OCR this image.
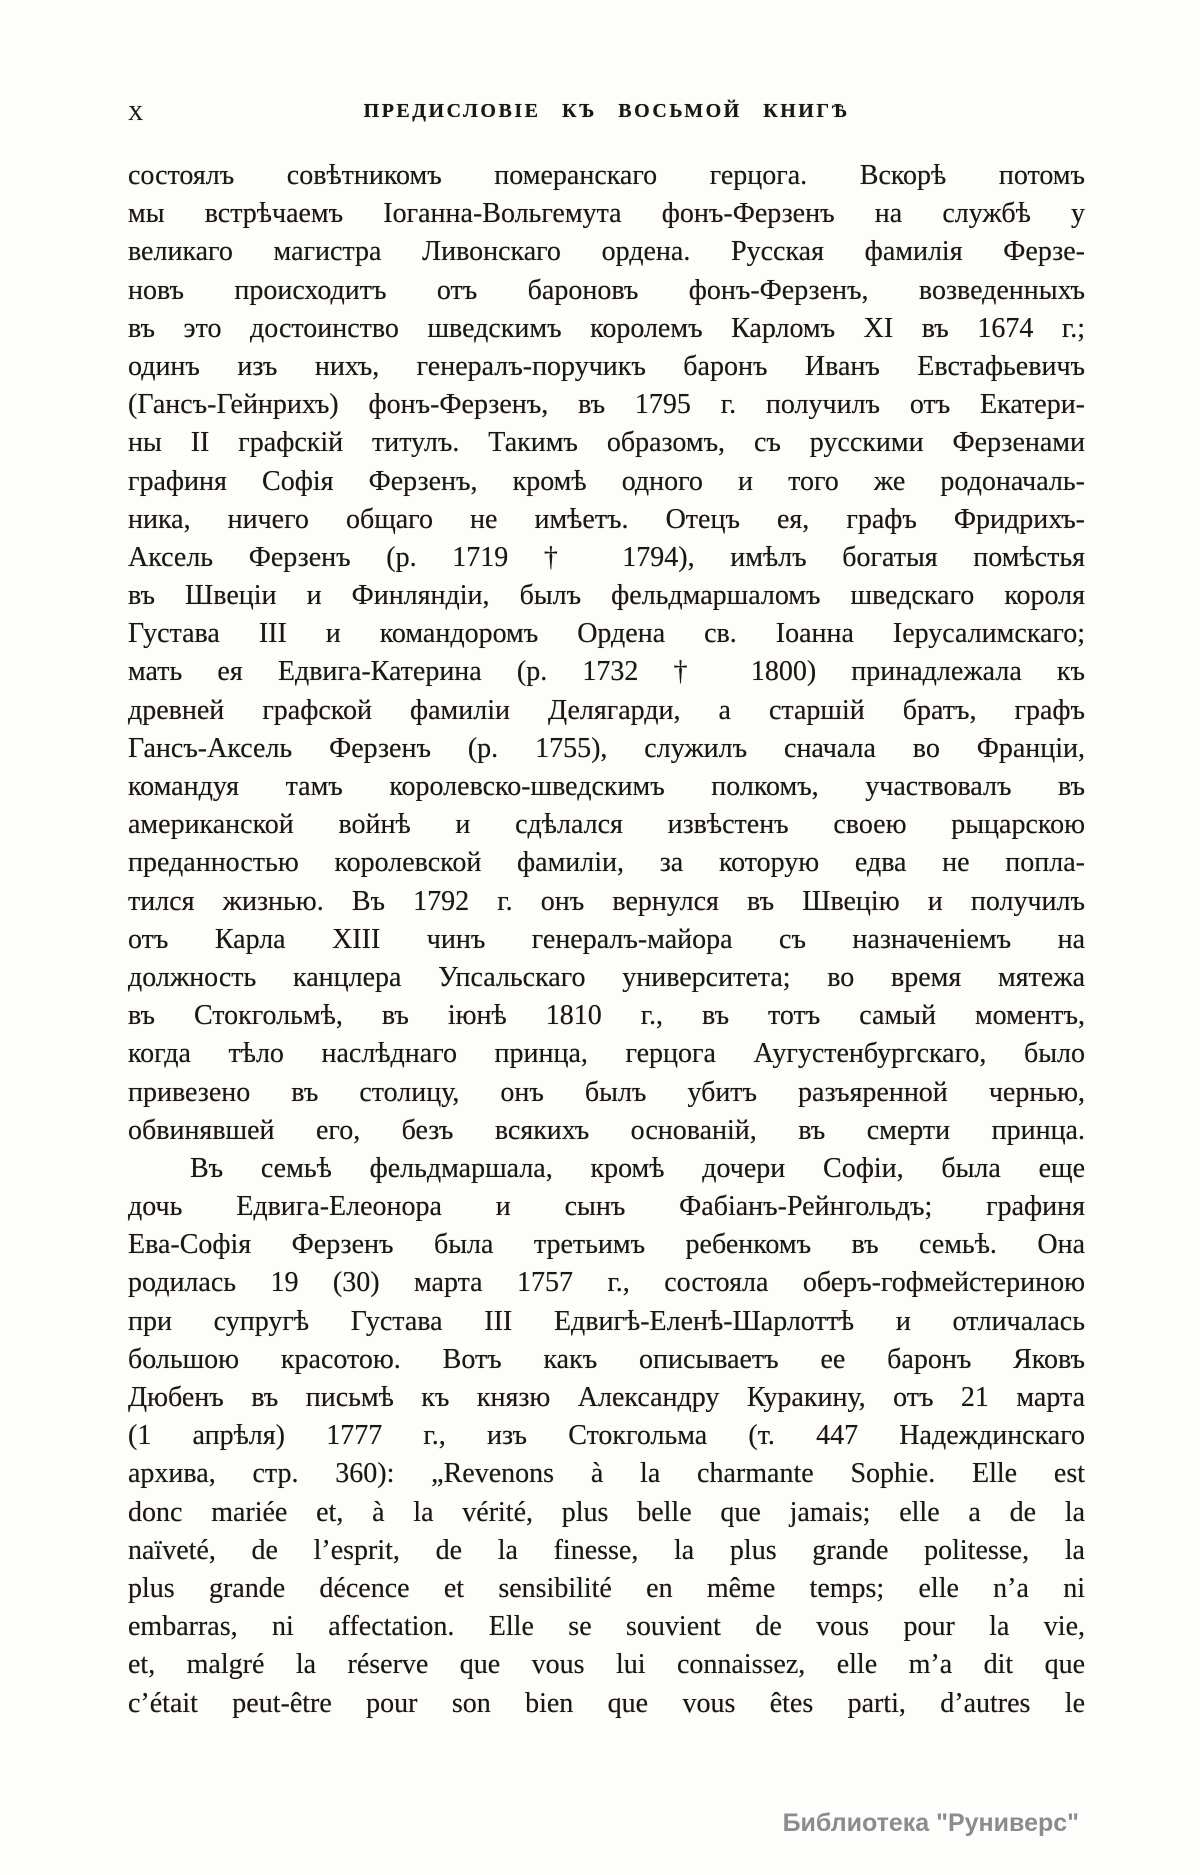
X	ПРЕДИСЛОВІЕ КЪ ВОСЬМОЙ КНИГѢ
состоялъ совѣтникомъ померанскаго герцога. Вскорѣ потомъ
мы встрѣчаемъ Іоганна-Вольгемута фонъ-Ферзенъ на службѣ у
великаго магистра Ливонскаго ордена. Русская фамилія Ферзе-
новъ происходитъ отъ бароновъ фонъ-Ферзенъ, возведенныхъ
въ это достоинство шведскимъ королемъ Карломъ XI въ 1674 г.;
одинъ изъ нихъ, генералъ-поручикъ баронъ Иванъ Евстафьевичъ
(Гансъ-Гейнрихъ) фонъ-Ферзенъ, въ 1795 г. получилъ отъ Екатери-
ны II графскій титулъ. Такимъ образомъ, съ русскими Ферзенами
графиня Софія Ферзенъ, кромѣ одного и того же родоначаль-
ника, ничего общаго не имѣетъ. Отецъ ея, графъ Фридрихъ-
Аксель Ферзенъ (р. 1719 † 1794), имѣлъ богатыя помѣстья
въ Швеціи и Финляндіи, былъ фельдмаршаломъ шведскаго короля
Густава III и командоромъ Ордена св. Іоанна Іерусалимскаго;
мать ея Едвига-Катерина (р. 1732 † 1800) принадлежала къ
древней графской фамиліи Делягарди, а старшій братъ, графъ
Гансъ-Аксель Ферзенъ (р. 1755), служилъ сначала во Франціи,
командуя тамъ королевско-шведскимъ полкомъ, участвовалъ въ
американской войнѣ и сдѣлался извѣстенъ своею рыцарскою
преданностью королевской фамиліи, за которую едва не попла-
тился жизнью. Въ 1792 г. онъ вернулся въ Швецію и получилъ
отъ Карла XIII чинъ генералъ-майора съ назначеніемъ на
должность канцлера Упсальскаго университета; во время мятежа
въ Стокгольмѣ, въ іюнѣ 1810 г., въ тотъ самый моментъ,
когда тѣло наслѣднаго принца, герцога Аугустенбургскаго, было
привезено въ столицу, онъ былъ убитъ разъяренной чернью,
обвинявшей его, безъ всякихъ основаній, въ смерти принца.
Въ семьѣ фельдмаршала, кромѣ дочери Софіи, была еще
дочь Едвига-Елеонора и сынъ Фабіанъ-Рейнгольдъ; графиня
Ева-Софія Ферзенъ была третьимъ ребенкомъ въ семьѣ. Она
родилась 19 (30) марта 1757 г., состояла оберъ-гофмейстериною
при супругѣ Густава III Едвигѣ-Еленѣ-Шарлоттѣ и отличалась
большою красотою. Вотъ какъ описываетъ ее баронъ Яковъ
Дюбенъ въ письмѣ къ князю Александру Куракину, отъ 21 марта
(1 апрѣля) 1777 г., изъ Стокгольма (т. 447 Надеждинскаго
архива, стр. 360): „Revenons à la charmante Sophie. Elle est
donc mariée et, à la vérité, plus belle que jamais; elle a de la
naïveté, de l’esprit, de la finesse, la plus grande politesse, la
plus grande décence et sensibilité en même temps; elle n’a ni
embarras, ni affectation. Elle se souvient de vous pour la vie,
et, malgré la réserve que vous lui connaissez, elle m’a dit que
c’était peut-être pour son bien que vous êtes parti, d’autres le
Библиотека "Руниверс"
